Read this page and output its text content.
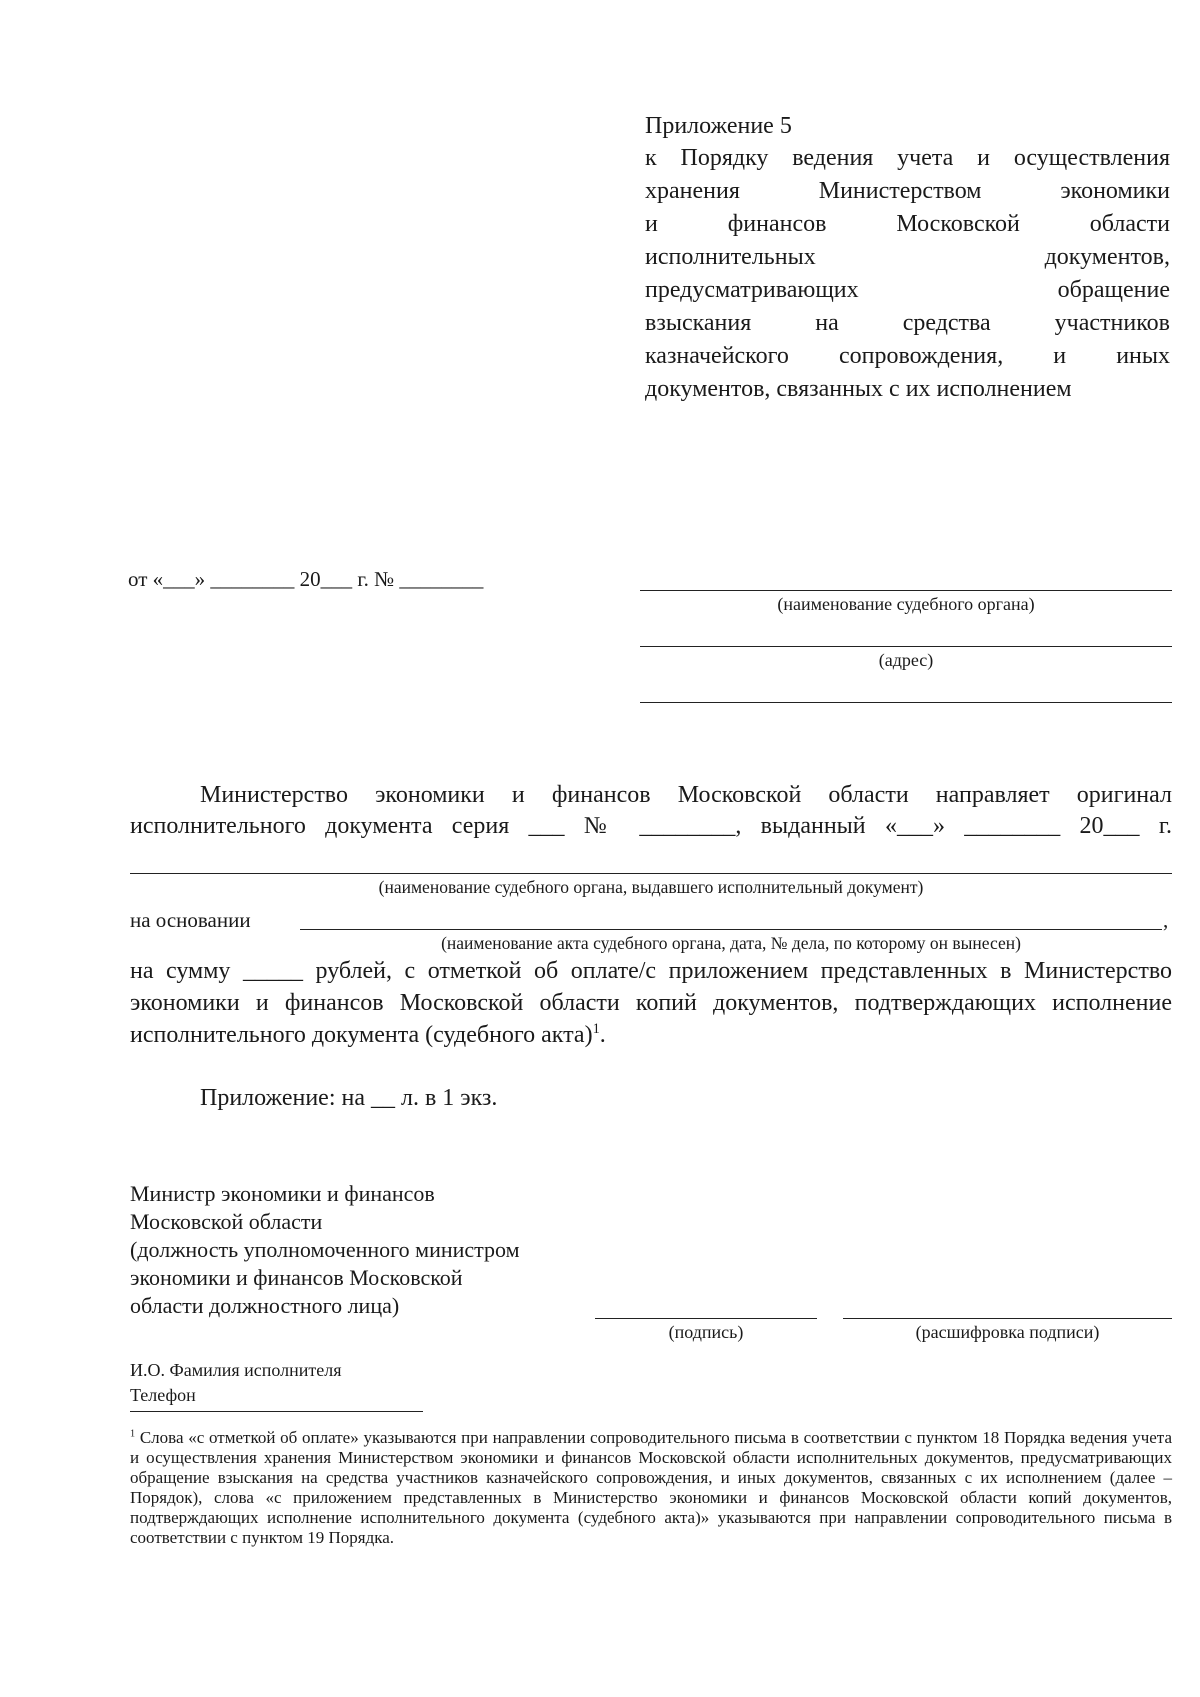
Приложение 5
к Порядку ведения учета и осуществления
хранения Министерством экономики
и финансов Московской области
исполнительных документов,
предусматривающих обращение
взыскания на средства участников
казначейского сопровождения, и иных
документов, связанных с их исполнением
от «___» ________ 20___ г. № ________
(наименование судебного органа)
(адрес)
Министерство экономики и финансов Московской области направляет оригинал
исполнительного документа серия ___ № ________, выданный «___» ________ 20___ г.
(наименование судебного органа, выдавшего исполнительный документ)
на основании	,
(наименование акта судебного органа, дата, № дела, по которому он вынесен)
на сумму _____ рублей, с отметкой об оплате/с приложением представленных в Министерство экономики и финансов Московской области копий документов, подтверждающих исполнение исполнительного документа (судебного акта)$^1$.
Приложение: на __ л. в 1 экз.
Министр экономики и финансов
Московской области
(должность уполномоченного министром
экономики и финансов Московской
области должностного лица)
(подпись)	(расшифровка подписи)
И.О. Фамилия исполнителя
Телефон
$^1$ Слова «с отметкой об оплате» указываются при направлении сопроводительного письма в соответствии с пунктом 18 Порядка ведения учета и осуществления хранения Министерством экономики и финансов Московской области исполнительных документов, предусматривающих обращение взыскания на средства участников казначейского сопровождения, и иных документов, связанных с их исполнением (далее – Порядок), слова «с приложением представленных в Министерство экономики и финансов Московской области копий документов, подтверждающих исполнение исполнительного документа (судебного акта)» указываются при направлении сопроводительного письма в соответствии с пунктом 19 Порядка.
